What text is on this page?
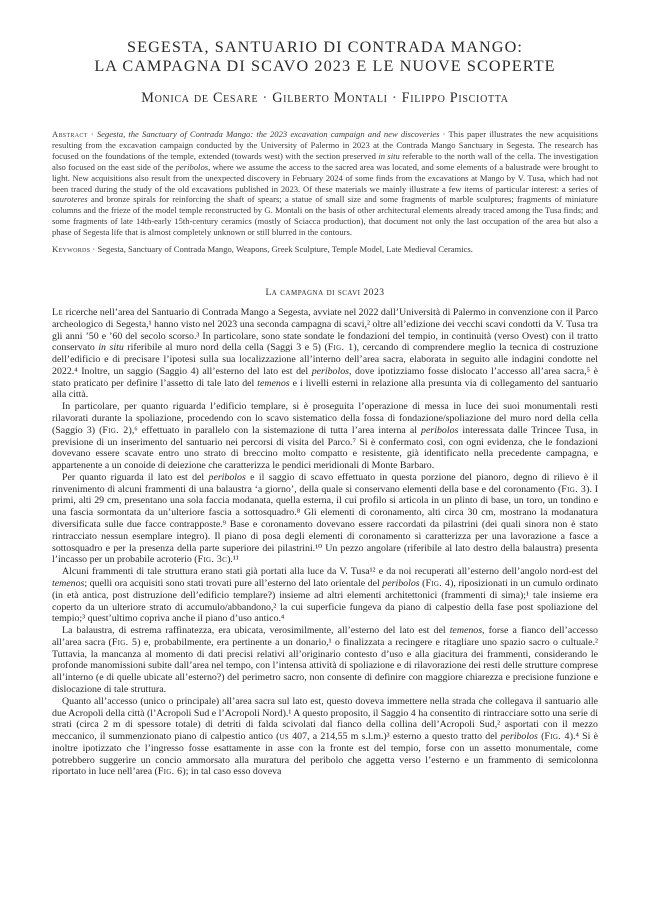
SEGESTA, SANTUARIO DI CONTRADA MANGO:
LA CAMPAGNA DI SCAVO 2023 E LE NUOVE SCOPERTE
Monica de Cesare · Gilberto Montali · Filippo Pisciotta

Abstract · Segesta, the Sanctuary of Contrada Mango: the 2023 excavation campaign and new discoveries · This paper illustrates the new acquisitions resulting from the excavation campaign conducted by the University of Palermo in 2023 at the Contrada Mango Sanctuary in Segesta. The research has focused on the foundations of the temple, extended (towards west) with the section preserved in situ referable to the north wall of the cella. The investigation also focused on the east side of the peribolos, where we assume the access to the sacred area was located, and some elements of a balustrade were brought to light. New acquisitions also result from the unexpected discovery in February 2024 of some finds from the excavations at Mango by V. Tusa, which had not been traced during the study of the old excavations published in 2023. Of these materials we mainly illustrate a few items of particular interest: a series of sauroteres and bronze spirals for reinforcing the shaft of spears; a statue of small size and some fragments of marble sculptures; fragments of miniature columns and the frieze of the model temple reconstructed by G. Montali on the basis of other architectural elements already traced among the Tusa finds; and some fragments of late 14th-early 15th-century ceramics (mostly of Sciacca production), that document not only the last occupation of the area but also a phase of Segesta life that is almost completely unknown or still blurred in the contours.

Keywords · Segesta, Sanctuary of Contrada Mango, Weapons, Greek Sculpture, Temple Model, Late Medieval Ceramics.

La campagna di scavi 2023

Le ricerche nell’area del Santuario di Contrada Mango a Segesta, avviate nel 2022 dall’Università di Palermo in convenzione con il Parco archeologico di Segesta,¹ hanno visto nel 2023 una seconda campagna di scavi,² oltre all’edizione dei vecchi scavi condotti da V. Tusa tra gli anni ’50 e ’60 del secolo scorso.³ In particolare, sono state sondate le fondazioni del tempio, in continuità (verso Ovest) con il tratto conservato in situ riferibile al muro nord della cella (Saggi 3 e 5) (Fig. 1), cercando di comprendere meglio la tecnica di costruzione dell’edificio e di precisare l’ipotesi sulla sua localizzazione all’interno dell’area sacra, elaborata in seguito alle indagini condotte nel 2022.⁴ Inoltre, un saggio (Saggio 4) all’esterno del lato est del peribolos, dove ipotizziamo fosse dislocato l’accesso all’area sacra,⁵ è stato praticato per definire l’assetto di tale lato del temenos e i livelli esterni in relazione alla presunta via di collegamento del santuario alla città.

In particolare, per quanto riguarda l’edificio templare, si è proseguita l’operazione di messa in luce dei suoi monumentali resti rilavorati durante la spoliazione, procedendo con lo scavo sistematico della fossa di fondazione/spoliazione del muro nord della cella (Saggio 3) (Fig. 2),⁶ effettuato in parallelo con la sistemazione di tutta l’area interna al peribolos interessata dalle Trincee Tusa, in previsione di un inserimento del santuario nei percorsi di visita del Parco.⁷ Si è confermato così, con ogni evidenza, che le fondazioni dovevano essere scavate entro uno strato di breccino molto compatto e resistente, già identificato nella precedente campagna, e appartenente a un conoide di deiezione che caratterizza le pendici meridionali di Monte Barbaro.

Per quanto riguarda il lato est del peribolos e il saggio di scavo effettuato in questa porzione del pianoro, degno di rilievo è il rinvenimento di alcuni frammenti di una balaustra ‘a giorno’, della quale si conservano elementi della base e del coronamento (Fig. 3). I primi, alti 29 cm, presentano una sola faccia modanata, quella esterna, il cui profilo si articola in un plinto di base, un toro, un tondino e una fascia sormontata da un’ulteriore fascia a sottosquadro.⁸ Gli elementi di coronamento, alti circa 30 cm, mostrano la modanatura diversificata sulle due facce contrapposte.⁹ Base e coronamento dovevano essere raccordati da pilastrini (dei quali sinora non è stato rintracciato nessun esemplare integro). Il piano di posa degli elementi di coronamento si caratterizza per una lavorazione a fasce a sottosquadro e per la presenza della parte superiore dei pilastrini.¹⁰ Un pezzo angolare (riferibile al lato destro della balaustra) presenta l’incasso per un probabile acroterio (Fig. 3c).¹¹

Alcuni frammenti di tale struttura erano stati già portati alla luce da V. Tusa¹² e da noi recuperati all’esterno dell’angolo nord-est del temenos; quelli ora acquisiti sono stati trovati pure all’esterno del lato orientale del peribolos (Fig. 4), riposizionati in un cumulo ordinato (in età antica, post distruzione dell’edificio templare?) insieme ad altri elementi architettonici (frammenti di sima);¹ tale insieme era coperto da un ulteriore strato di accumulo/abbandono,² la cui superficie fungeva da piano di calpestio della fase post spoliazione del tempio;³ quest’ultimo copriva anche il piano d’uso antico.⁴

La balaustra, di estrema raffinatezza, era ubicata, verosimilmente, all’esterno del lato est del temenos, forse a fianco dell’accesso all’area sacra (Fig. 5) e, probabilmente, era pertinente a un donario,¹ o finalizzata a recingere e ritagliare uno spazio sacro o cultuale.² Tuttavia, la mancanza al momento di dati precisi relativi all’originario contesto d’uso e alla giacitura dei frammenti, considerando le profonde manomissioni subite dall’area nel tempo, con l’intensa attività di spoliazione e di rilavorazione dei resti delle strutture comprese all’interno (e di quelle ubicate all’esterno?) del perimetro sacro, non consente di definire con maggiore chiarezza e precisione funzione e dislocazione di tale struttura.

Quanto all’accesso (unico o principale) all’area sacra sul lato est, questo doveva immettere nella strada che collegava il santuario alle due Acropoli della città (l’Acropoli Sud e l’Acropoli Nord).¹ A questo proposito, il Saggio 4 ha consentito di rintracciare sotto una serie di strati (circa 2 m di spessore totale) di detriti di falda scivolati dal fianco della collina dell’Acropoli Sud,² asportati con il mezzo meccanico, il summenzionato piano di calpestio antico (us 407, a 214,55 m s.l.m.)³ esterno a questo tratto del peribolos (Fig. 4).⁴ Si è inoltre ipotizzato che l’ingresso fosse esattamente in asse con la fronte est del tempio, forse con un assetto monumentale, come potrebbero suggerire un concio ammorsato alla muratura del peribolo che aggetta verso l’esterno e un frammento di semicolonna riportato in luce nell’area (Fig. 6); in tal caso esso doveva
